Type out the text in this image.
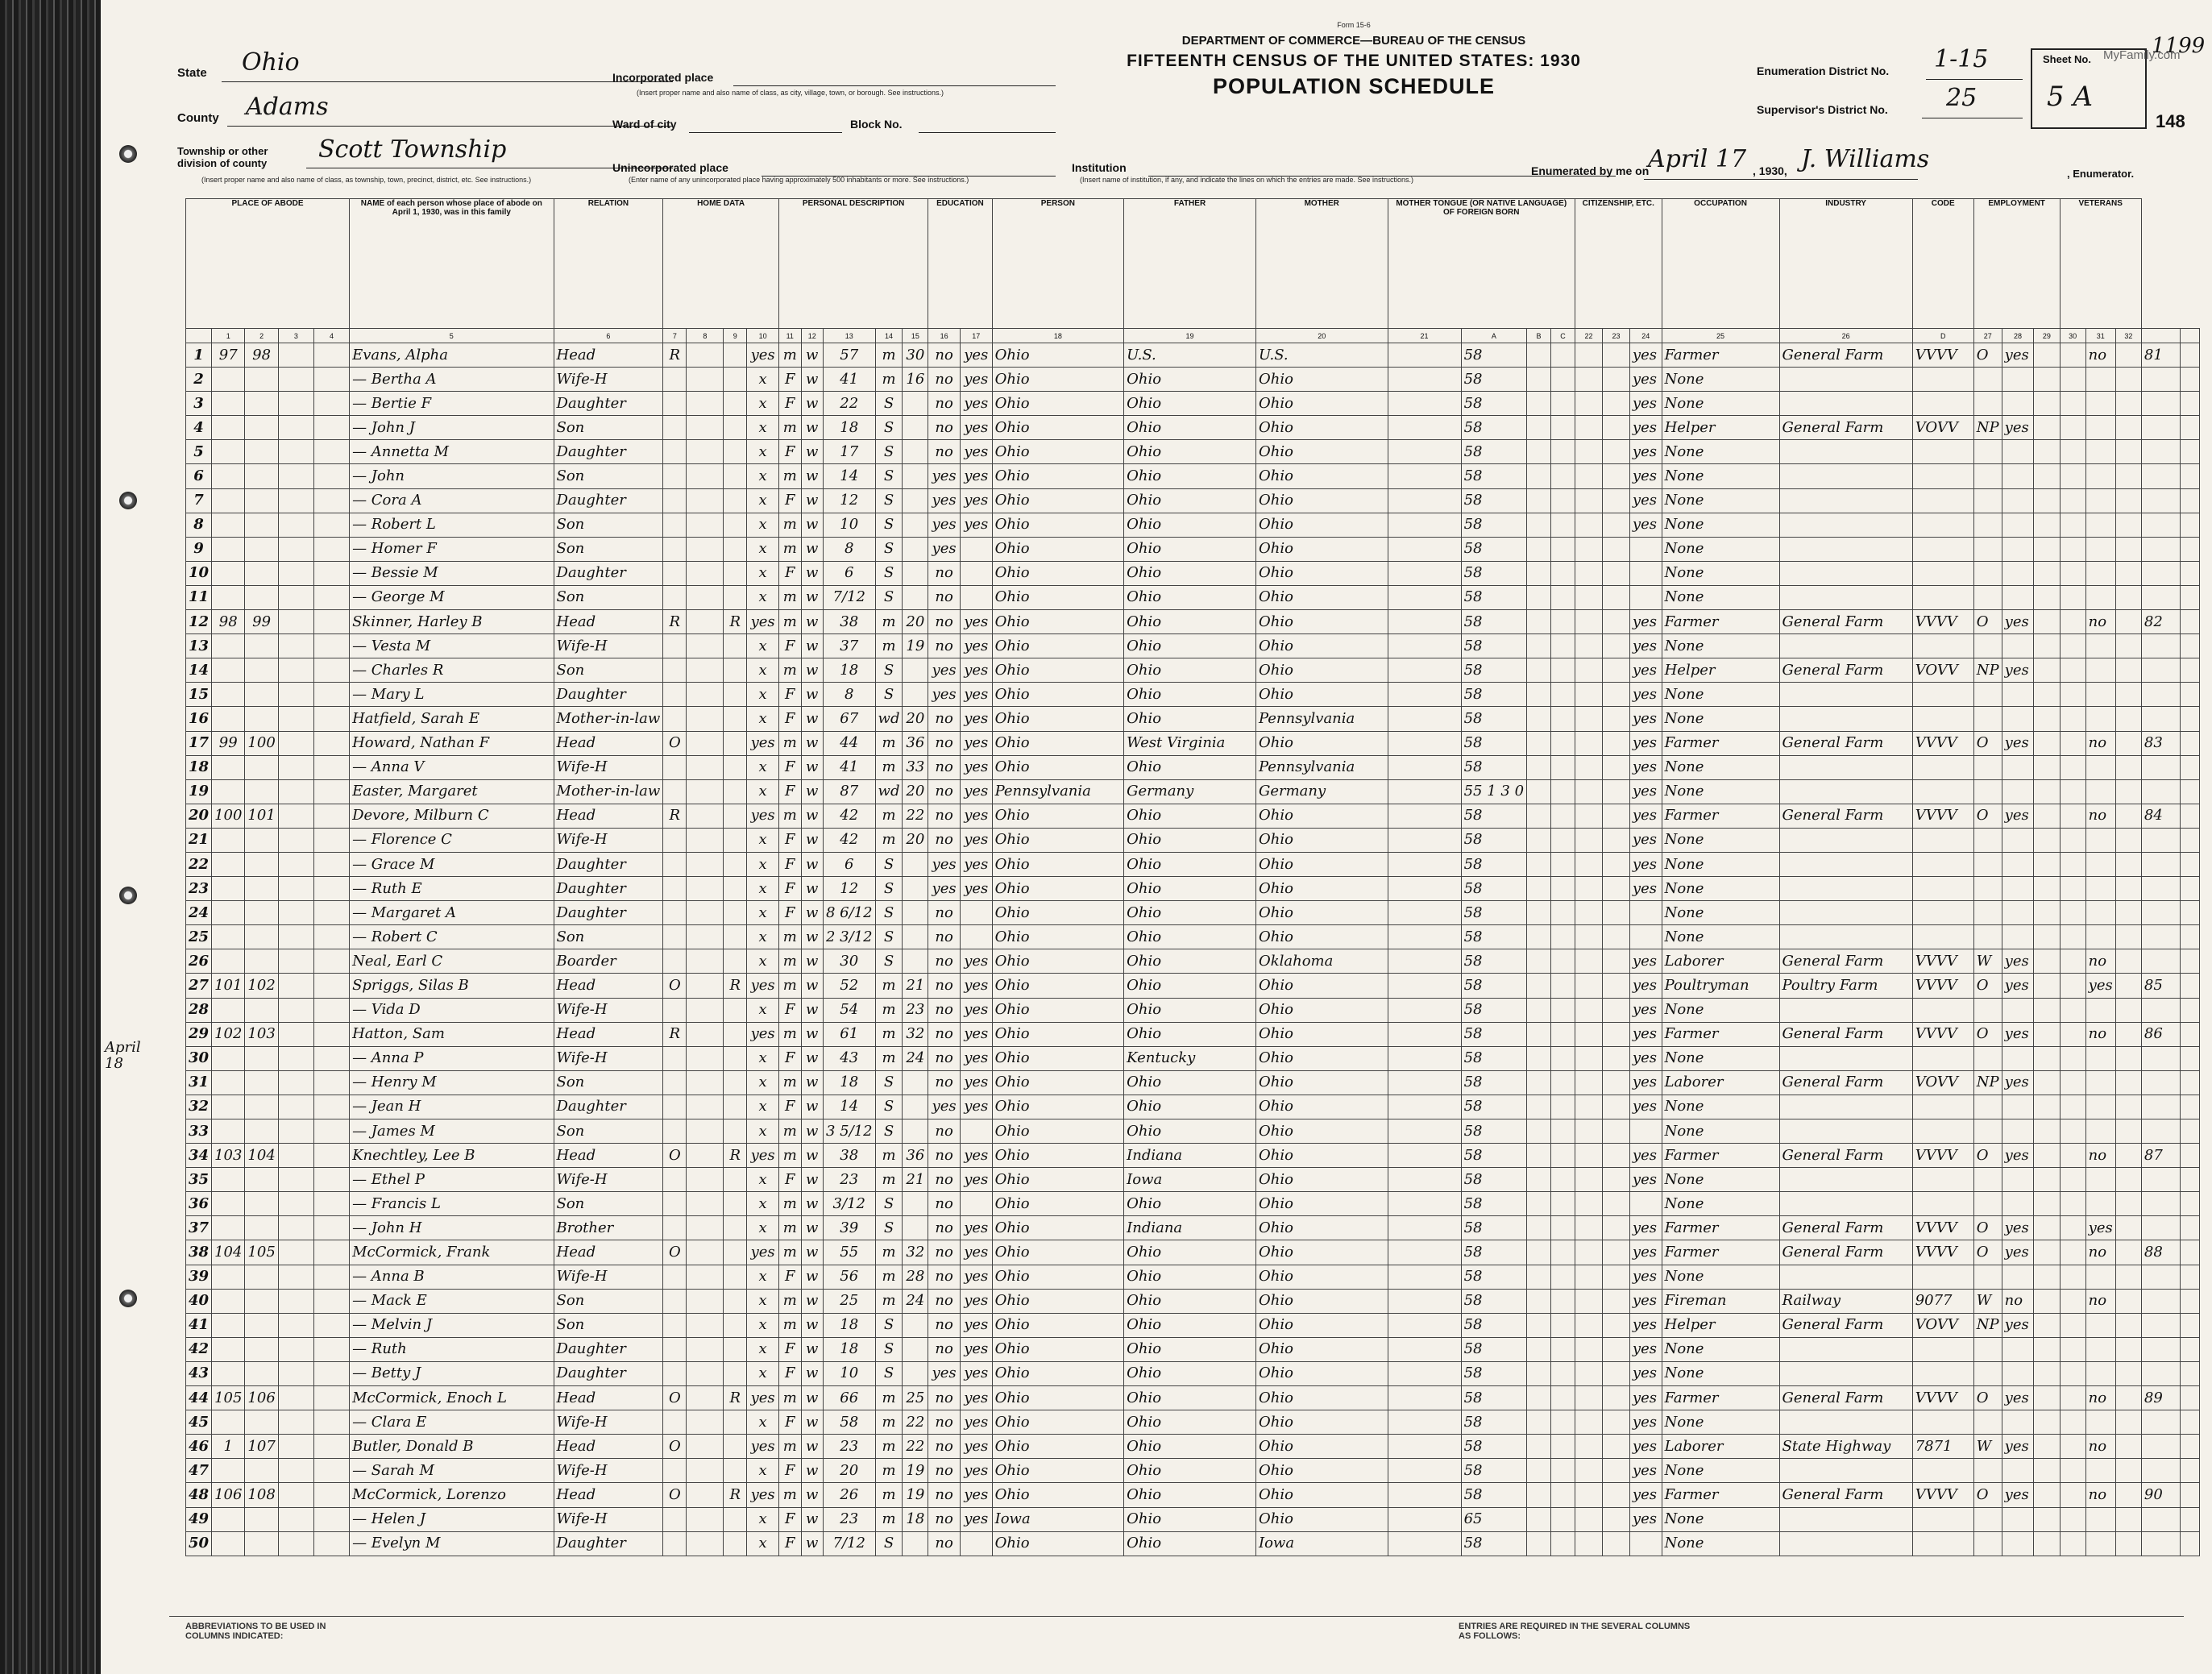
Form 15-6
DEPARTMENT OF COMMERCE—BUREAU OF THE CENSUS
FIFTEENTH CENSUS OF THE UNITED STATES: 1930
POPULATION SCHEDULE
State Ohio
County Adams
Township or other division of county	Scott Township
(Insert proper name and also name of class, as township, town, precinct, district, etc. See instructions.)
Incorporated place
(Insert proper name and also name of class, as city, village, town, or borough. See instructions.)
Ward of city	Block No.
Unincorporated place
(Enter name of any unincorporated place having approximately 500 inhabitants or more. See instructions.)
Institution
(Insert name of institution, if any, and indicate the lines on which the entries are made. See instructions.)
Enumeration District No. 1-15
Supervisor's District No. 25
Sheet No.
5 A
1199
148
MyFamily.com
Enumerated by me on
April 17 , 1930, J. Williams
, Enumerator.
April 18
PLACE OF ABODE					NAME of each person whose place of abode on April 1, 1930, was in this family	RELATION	HOME DATA				PERSONAL DESCRIPTION					EDUCATION		PERSON	FATHER	MOTHER	MOTHER TONGUE (OR NATIVE LANGUAGE) OF FOREIGN BORN				CITIZENSHIP, ETC.			OCCUPATION	INDUSTRY	CODE	EMPLOYMENT			VETERANS				
	1	2	3	4	5	6	7	8	9	10	11	12	13	14	15	16	17	18	19	20	21	A	B	C	22	23	24	25	26	D	27	28	29	30	31	32		
1	97	98			Evans, Alpha	Head	R			yes	m	w	57	m	30	no	yes	Ohio	U.S.	U.S.		58					yes	Farmer	General Farm	VVVV	O	yes			no		81	
2					— Bertha A	Wife-H				x	F	w	41	m	16	no	yes	Ohio	Ohio	Ohio		58					yes	None										
3					— Bertie F	Daughter				x	F	w	22	S		no	yes	Ohio	Ohio	Ohio		58					yes	None										
4					— John J	Son				x	m	w	18	S		no	yes	Ohio	Ohio	Ohio		58					yes	Helper	General Farm	VOVV	NP	yes						
5					— Annetta M	Daughter				x	F	w	17	S		no	yes	Ohio	Ohio	Ohio		58					yes	None										
6					— John	Son				x	m	w	14	S		yes	yes	Ohio	Ohio	Ohio		58					yes	None										
7					— Cora A	Daughter				x	F	w	12	S		yes	yes	Ohio	Ohio	Ohio		58					yes	None										
8					— Robert L	Son				x	m	w	10	S		yes	yes	Ohio	Ohio	Ohio		58					yes	None										
9					— Homer F	Son				x	m	w	8	S		yes		Ohio	Ohio	Ohio		58						None										
10					— Bessie M	Daughter				x	F	w	6	S		no		Ohio	Ohio	Ohio		58						None										
11					— George M	Son				x	m	w	7/12	S		no		Ohio	Ohio	Ohio		58						None										
12	98	99			Skinner, Harley B	Head	R		R	yes	m	w	38	m	20	no	yes	Ohio	Ohio	Ohio		58					yes	Farmer	General Farm	VVVV	O	yes			no		82	
13					— Vesta M	Wife-H				x	F	w	37	m	19	no	yes	Ohio	Ohio	Ohio		58					yes	None										
14					— Charles R	Son				x	m	w	18	S		yes	yes	Ohio	Ohio	Ohio		58					yes	Helper	General Farm	VOVV	NP	yes						
15					— Mary L	Daughter				x	F	w	8	S		yes	yes	Ohio	Ohio	Ohio		58					yes	None										
16					Hatfield, Sarah E	Mother-in-law				x	F	w	67	wd	20	no	yes	Ohio	Ohio	Pennsylvania		58					yes	None										
17	99	100			Howard, Nathan F	Head	O			yes	m	w	44	m	36	no	yes	Ohio	West Virginia	Ohio		58					yes	Farmer	General Farm	VVVV	O	yes			no		83	
18					— Anna V	Wife-H				x	F	w	41	m	33	no	yes	Ohio	Ohio	Pennsylvania		58					yes	None										
19					Easter, Margaret	Mother-in-law				x	F	w	87	wd	20	no	yes	Pennsylvania	Germany	Germany		55 1 3 0					yes	None										
20	100	101			Devore, Milburn C	Head	R			yes	m	w	42	m	22	no	yes	Ohio	Ohio	Ohio		58					yes	Farmer	General Farm	VVVV	O	yes			no		84	
21					— Florence C	Wife-H				x	F	w	42	m	20	no	yes	Ohio	Ohio	Ohio		58					yes	None										
22					— Grace M	Daughter				x	F	w	6	S		yes	yes	Ohio	Ohio	Ohio		58					yes	None										
23					— Ruth E	Daughter				x	F	w	12	S		yes	yes	Ohio	Ohio	Ohio		58					yes	None										
24					— Margaret A	Daughter				x	F	w	8 6/12	S		no		Ohio	Ohio	Ohio		58						None										
25					— Robert C	Son				x	m	w	2 3/12	S		no		Ohio	Ohio	Ohio		58						None										
26					Neal, Earl C	Boarder				x	m	w	30	S		no	yes	Ohio	Ohio	Oklahoma		58					yes	Laborer	General Farm	VVVV	W	yes			no			
27	101	102			Spriggs, Silas B	Head	O		R	yes	m	w	52	m	21	no	yes	Ohio	Ohio	Ohio		58					yes	Poultryman	Poultry Farm	VVVV	O	yes			yes		85	
28					— Vida D	Wife-H				x	F	w	54	m	23	no	yes	Ohio	Ohio	Ohio		58					yes	None										
29	102	103			Hatton, Sam	Head	R			yes	m	w	61	m	32	no	yes	Ohio	Ohio	Ohio		58					yes	Farmer	General Farm	VVVV	O	yes			no		86	
30					— Anna P	Wife-H				x	F	w	43	m	24	no	yes	Ohio	Kentucky	Ohio		58					yes	None										
31					— Henry M	Son				x	m	w	18	S		no	yes	Ohio	Ohio	Ohio		58					yes	Laborer	General Farm	VOVV	NP	yes						
32					— Jean H	Daughter				x	F	w	14	S		yes	yes	Ohio	Ohio	Ohio		58					yes	None										
33					— James M	Son				x	m	w	3 5/12	S		no		Ohio	Ohio	Ohio		58						None										
34	103	104			Knechtley, Lee B	Head	O		R	yes	m	w	38	m	36	no	yes	Ohio	Indiana	Ohio		58					yes	Farmer	General Farm	VVVV	O	yes			no		87	
35					— Ethel P	Wife-H				x	F	w	23	m	21	no	yes	Ohio	Iowa	Ohio		58					yes	None										
36					— Francis L	Son				x	m	w	3/12	S		no		Ohio	Ohio	Ohio		58						None										
37					— John H	Brother				x	m	w	39	S		no	yes	Ohio	Indiana	Ohio		58					yes	Farmer	General Farm	VVVV	O	yes			yes			
38	104	105			McCormick, Frank	Head	O			yes	m	w	55	m	32	no	yes	Ohio	Ohio	Ohio		58					yes	Farmer	General Farm	VVVV	O	yes			no		88	
39					— Anna B	Wife-H				x	F	w	56	m	28	no	yes	Ohio	Ohio	Ohio		58					yes	None										
40					— Mack E	Son				x	m	w	25	m	24	no	yes	Ohio	Ohio	Ohio		58					yes	Fireman	Railway	9077	W	no			no			
41					— Melvin J	Son				x	m	w	18	S		no	yes	Ohio	Ohio	Ohio		58					yes	Helper	General Farm	VOVV	NP	yes						
42					— Ruth	Daughter				x	F	w	18	S		no	yes	Ohio	Ohio	Ohio		58					yes	None										
43					— Betty J	Daughter				x	F	w	10	S		yes	yes	Ohio	Ohio	Ohio		58					yes	None										
44	105	106			McCormick, Enoch L	Head	O		R	yes	m	w	66	m	25	no	yes	Ohio	Ohio	Ohio		58					yes	Farmer	General Farm	VVVV	O	yes			no		89	
45					— Clara E	Wife-H				x	F	w	58	m	22	no	yes	Ohio	Ohio	Ohio		58					yes	None										
46	1	107			Butler, Donald B	Head	O			yes	m	w	23	m	22	no	yes	Ohio	Ohio	Ohio		58					yes	Laborer	State Highway	7871	W	yes			no			
47					— Sarah M	Wife-H				x	F	w	20	m	19	no	yes	Ohio	Ohio	Ohio		58					yes	None										
48	106	108			McCormick, Lorenzo	Head	O		R	yes	m	w	26	m	19	no	yes	Ohio	Ohio	Ohio		58					yes	Farmer	General Farm	VVVV	O	yes			no		90	
49					— Helen J	Wife-H				x	F	w	23	m	18	no	yes	Iowa	Ohio	Ohio		65					yes	None										
50					— Evelyn M	Daughter				x	F	w	7/12	S		no		Ohio	Ohio	Iowa		58						None										
ABBREVIATIONS TO BE USED IN COLUMNS INDICATED:
ENTRIES ARE REQUIRED IN THE SEVERAL COLUMNS AS FOLLOWS:
